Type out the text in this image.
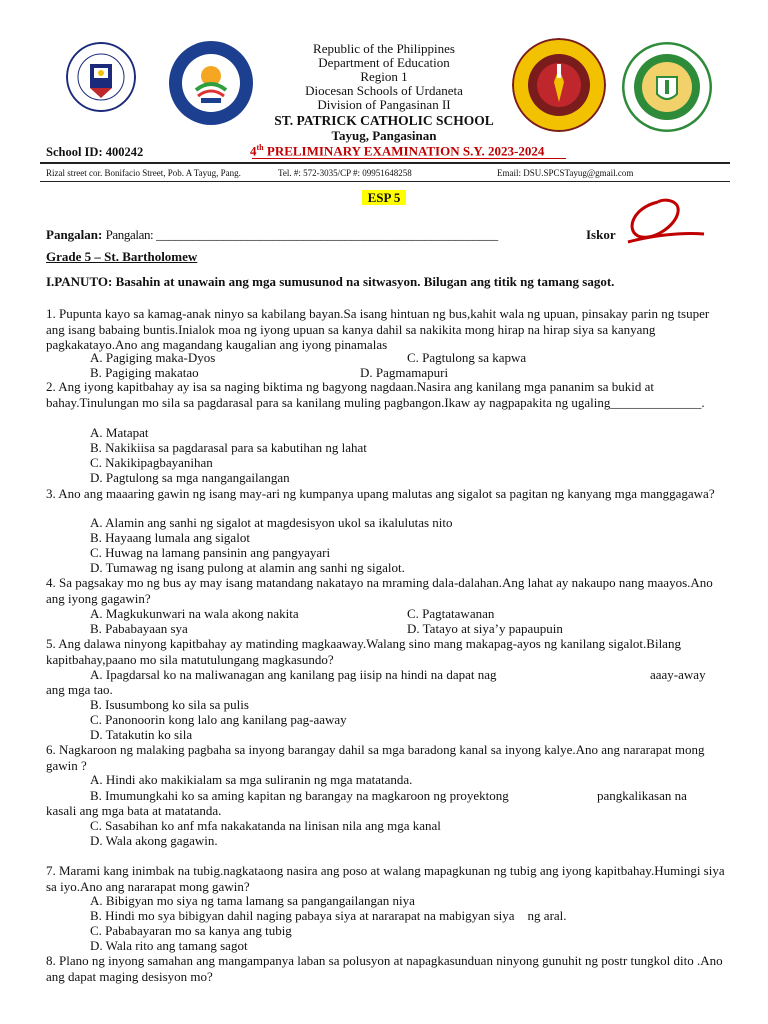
Republic of the Philippines
Department of Education
Region 1
Diocesan Schools of Urdaneta
Division of Pangasinan II
ST. PATRICK CATHOLIC SCHOOL
Tayug, Pangasinan
School ID: 400242	4th PRELIMINARY EXAMINATION S.Y. 2023-2024
Rizal street cor. Bonifacio Street, Pob. A Tayug, Pang.	Tel. #: 572-3035/CP #: 09951648258	Email: DSU.SPCSTayug@gmail.com
ESP 5
Pangalan: Pangalan: ________________________________________________________	Iskor
Grade 5 – St. Bartholomew
I.PANUTO: Basahin at unawain ang mga sumusunod na sitwasyon. Bilugan ang titik ng tamang sagot.
1. Pupunta kayo sa kamag-anak ninyo sa kabilang bayan.Sa isang hintuan ng bus,kahit wala ng upuan, pinsakay parin ng tsuper ang isang babaing buntis.Inialok moa ng iyong upuan sa kanya dahil sa nakikita mong hirap na hirap siya sa kanyang pagkakatayo.Ano ang magandang kaugalian ang iyong pinamalas
A. Pagiging maka-Dyos	C. Pagtulong sa kapwa
B. Pagiging makatao	D. Pagmamapuri
2. Ang iyong kapitbahay ay isa sa naging biktima ng bagyong nagdaan.Nasira ang kanilang mga pananim sa bukid at bahay.Tinulungan mo sila sa pagdarasal para sa kanilang muling pagbangon.Ikaw ay nagpapakita ng ugaling______________.
A. Matapat
B. Nakikiisa sa pagdarasal para sa kabutihan ng lahat
C. Nakikipagbayanihan
D. Pagtulong sa mga nangangailangan
3. Ano ang maaaring gawin ng isang may-ari ng kumpanya upang malutas ang sigalot sa pagitan ng kanyang mga manggagawa?
A. Alamin ang sanhi ng sigalot at magdesisyon ukol sa ikalulutas nito
B. Hayaang lumala ang sigalot
C. Huwag na lamang pansinin ang pangyayari
D. Tumawag ng isang pulong at alamin ang sanhi ng sigalot.
4. Sa pagsakay mo ng bus ay may isang matandang nakatayo na mraming dala-dalahan.Ang lahat ay nakaupo nang maayos.Ano ang iyong gagawin?
A. Magkukunwari na wala akong nakita	C. Pagtatawanan
B. Pababayaan sya	D. Tatayo at siya’y papaupuin
5. Ang dalawa ninyong kapitbahay ay matinding magkaaway.Walang sino mang makapag-ayos ng kanilang sigalot.Bilang kapitbahay,paano mo sila matutulungang magkasundo?
A. Ipagdarsal ko na maliwanagan ang kanilang pag iisip na hindi na dapat nag	aaay-away
ang mga tao.
B. Isusumbong ko sila sa pulis
C. Panonoorin kong lalo ang kanilang pag-aaway
D. Tatakutin ko sila
6. Nagkaroon ng malaking pagbaha sa inyong barangay dahil sa mga baradong kanal sa inyong kalye.Ano ang nararapat mong gawin ?
A. Hindi ako makikialam sa mga suliranin ng mga matatanda.
B. Imumungkahi ko sa aming kapitan ng barangay na magkaroon ng proyektong	pangkalikasan na
kasali ang mga bata at matatanda.
C. Sasabihan ko anf mfa nakakatanda na linisan nila ang mga kanal
D. Wala akong gagawin.
7. Marami kang inimbak na tubig.nagkataong nasira ang poso at walang mapagkunan ng tubig ang iyong kapitbahay.Humingi siya sa iyo.Ano ang nararapat mong gawin?
A. Bibigyan mo siya ng tama lamang sa pangangailangan niya
B. Hindi mo sya bibigyan dahil naging pabaya siya at nararapat na mabigyan siya    ng aral.
C. Pababayaran mo sa kanya ang tubig
D. Wala rito ang tamang sagot
8. Plano ng inyong samahan ang mangampanya laban sa polusyon at napagkasunduan ninyong gunuhit ng postr tungkol dito .Ano ang dapat maging desisyon mo?
